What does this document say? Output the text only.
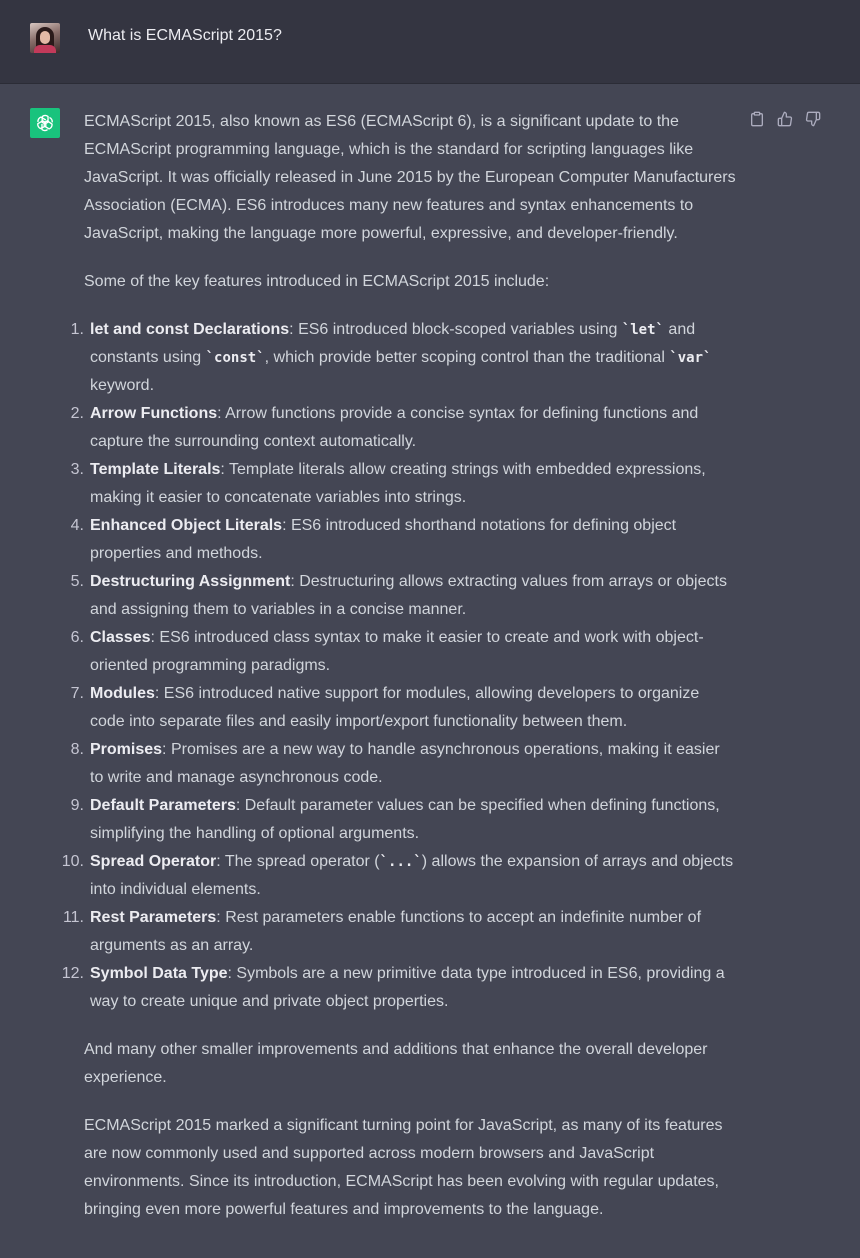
What is ECMAScript 2015?

ECMAScript 2015, also known as ES6 (ECMAScript 6), is a significant update to the ECMAScript programming language, which is the standard for scripting languages like JavaScript. It was officially released in June 2015 by the European Computer Manufacturers Association (ECMA). ES6 introduces many new features and syntax enhancements to JavaScript, making the language more powerful, expressive, and developer-friendly.

Some of the key features introduced in ECMAScript 2015 include:

1. let and const Declarations: ES6 introduced block-scoped variables using `let` and constants using `const`, which provide better scoping control than the traditional `var` keyword.
2. Arrow Functions: Arrow functions provide a concise syntax for defining functions and capture the surrounding context automatically.
3. Template Literals: Template literals allow creating strings with embedded expressions, making it easier to concatenate variables into strings.
4. Enhanced Object Literals: ES6 introduced shorthand notations for defining object properties and methods.
5. Destructuring Assignment: Destructuring allows extracting values from arrays or objects and assigning them to variables in a concise manner.
6. Classes: ES6 introduced class syntax to make it easier to create and work with object-oriented programming paradigms.
7. Modules: ES6 introduced native support for modules, allowing developers to organize code into separate files and easily import/export functionality between them.
8. Promises: Promises are a new way to handle asynchronous operations, making it easier to write and manage asynchronous code.
9. Default Parameters: Default parameter values can be specified when defining functions, simplifying the handling of optional arguments.
10. Spread Operator: The spread operator (`...`) allows the expansion of arrays and objects into individual elements.
11. Rest Parameters: Rest parameters enable functions to accept an indefinite number of arguments as an array.
12. Symbol Data Type: Symbols are a new primitive data type introduced in ES6, providing a way to create unique and private object properties.

And many other smaller improvements and additions that enhance the overall developer experience.

ECMAScript 2015 marked a significant turning point for JavaScript, as many of its features are now commonly used and supported across modern browsers and JavaScript environments. Since its introduction, ECMAScript has been evolving with regular updates, bringing even more powerful features and improvements to the language.
